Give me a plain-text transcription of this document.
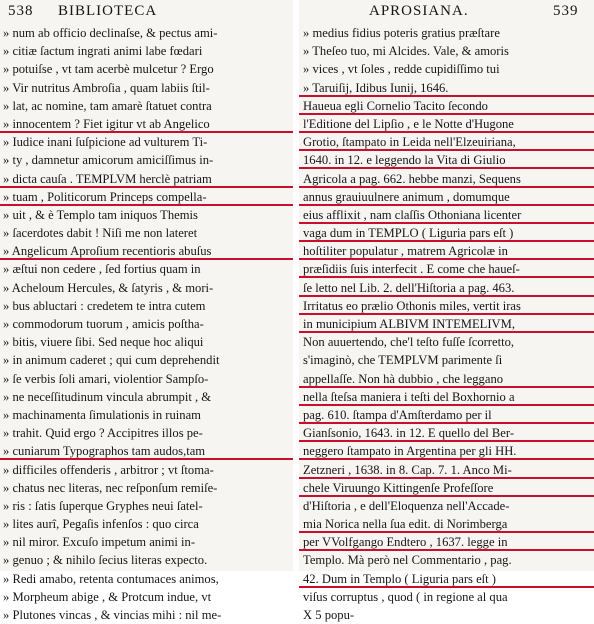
538 BIBLIOTECA
» num ab officio declinaſse, & pectus ami-
» citiæ ſactum ingrati animi labe fœdari
» potuiſse , vt tam acerbè mulcetur ? Ergo
» Vir nutritus Ambroſia , quam labiis ſtil-
» lat, ac nomine, tam amarè ſtatuet contra
» innocentem ? Fiet igitur vt ab Angelico
» Iudice inani ſuſpicione ad vulturem Ti-
» ty , damnetur amicorum amiciſſimus in-
» dicta cauſa . TEMPLVM herclè patriam
» tuam , Politicorum Princeps compella-
» uit , & è Templo tam iniquos Themis
» ſacerdotes dabit ! Niſi me non lateret
» Angelicum Aproſium recentioris abuſus
» æſtui non cedere , ſed fortius quam in
» Acheloum Hercules, & ſatyris , & mori-
» bus abluctari : credetem te intra cutem
» commodorum tuorum , amicis poſtha-
» bitis, viuere ſibi. Sed neque hoc aliqui
» in animum caderet ; qui cum deprehendit
» ſe verbis ſoli amari, violentior Sampſo-
» ne neceſſitudinum vincula abrumpit , &
» machinamenta ſimulationis in ruinam
» trahit. Quid ergo ? Accipitres illos pe-
» cuniarum Typographos tam audos,tam
» difficiles offenderis , arbitror ; vt ſtoma-
» chatus nec literas, nec reſponſum remiſe-
» ris : ſatis ſuperque Gryphes neui ſatel-
» lites aurî, Pegaſis infenſos : quo circa
» nil miror. Excuſo impetum animi in-
» genuo ; & nihilo ſecius literas expecto.
» Redi amabo, retenta contumaces animos,
» Morpheum abige , & Protcum indue, vt
» Plutones vincas , & vincias mihi : nil me-
APROSIANA.	539
» medius fidius poteris gratius præſtare
» Theſeo tuo, mi Alcides. Vale, & amoris
» vices , vt ſoles , redde cupidiſſimo tui
» Taruiſij, Idibus Iunij, 1646.
Haueua egli Cornelio Tacito ſecondo
l'Editione del Lipſio , e le Notte d'Hugone
Grotio, ſtampato in Leida nell'Elzeuiriana,
1640. in 12. e leggendo la Vita di Giulio
Agricola a pag. 662. hebbe manzi, Sequens
annus grauiuulnere animum , domumque
eius afflixit , nam claſſis Othoniana licenter
vaga dum in TEMPLO ( Liguria pars eſt )
hoſtiliter populatur , matrem Agricolæ in
præſidiis ſuis interfecit . E come che haueſ-
ſe letto nel Lib. 2. dell'Hiſtoria a pag. 463.
Irritatus eo prælio Othonis miles, vertit iras
in municipium ALBIVM INTEMELIVM,
Non auuertendo, che'l teſto fuſſe ſcorretto,
s'imaginò, che TEMPLVM parimente ſi
appellaſſe. Non hà dubbio , che leggano
nella ſteſsa maniera i teſti del Boxhornio a
pag. 610. ſtampa d'Amſterdamo per il
Gianſsonio, 1643. in 12. E quello del Ber-
neggero ſtampato in Argentina per gli HH.
Zetzneri , 1638. in 8. Cap. 7. 1. Anco Mi-
chele Viruungo Kittingenſe Profeſſore
d'Hiſtoria , e dell'Eloquenza nell'Accade-
mia Norica nella ſua edit. di Norimberga
per VVolfgango Endtero , 1637. legge in
Templo. Mà però nel Commentario , pag.
42. Dum in Templo ( Liguria pars eſt )
viſus corruptus , quod ( in regione al qua
X 5 popu-
